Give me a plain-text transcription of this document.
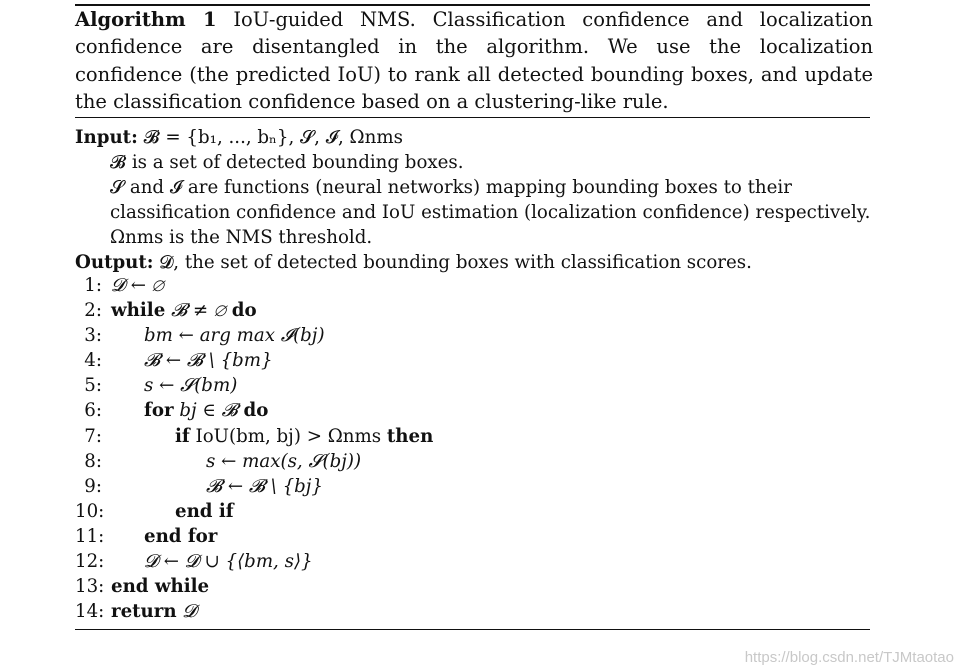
Algorithm 1 IoU-guided NMS. Classification confidence and localization confidence are disentangled in the algorithm. We use the localization confidence (the predicted IoU) to rank all detected bounding boxes, and update the classification confidence based on a clustering-like rule.
Input: 𝓑 = {b₁, ..., bₙ}, 𝓢, 𝓘, Ωnms
𝓑 is a set of detected bounding boxes.
𝓢 and 𝓘 are functions (neural networks) mapping bounding boxes to their classification confidence and IoU estimation (localization confidence) respectively.
Ωnms is the NMS threshold.
Output: 𝓓, the set of detected bounding boxes with classification scores.
1: 𝓓 ← ∅
2: while 𝓑 ≠ ∅ do
3:	bm ← arg max 𝓘(bj)
4:	𝓑 ← 𝓑 \ {bm}
5:	s ← 𝓢(bm)
6:	for bj ∈ 𝓑 do
7:	if IoU(bm, bj) > Ωnms then
8:	s ← max(s, 𝓢(bj))
9:	𝓑 ← 𝓑 \ {bj}
10:	end if
11:	end for
12:	𝓓 ← 𝓓 ∪ {⟨bm, s⟩}
13: end while
14: return 𝓓
https://blog.csdn.net/TJMtaotao
